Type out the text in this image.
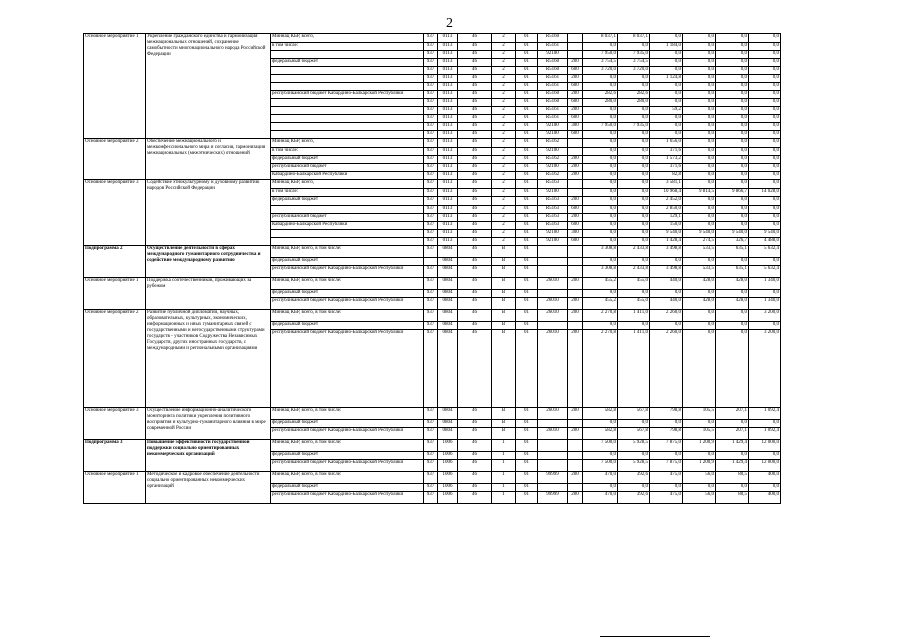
2
Основное мероприятие 1	Укрепление гражданского единства и гармонизация межнациональных отношений, сохранение самобытности многонационального народа Российской Федерации	Миннац КБР, всего,	937	0113	46	2	01	R5160		8 037,1	8 037,1	0,0	0,0	0,0	0,0
		в том числе:	937	0113	46	2	01	R5161		0,0	0,0	1 184,0	0,0	0,0	0,0
			937	0113	46	2	01	92100		7 950,0	7 935,0	0,0	0,0	0,0	0,0
		федеральный бюджет	937	0113	46	2	01	R5160	200	3 754,5	3 754,5	0,0	0,0	0,0	0,0
			937	0113	46	2	01	R5160	600	3 720,0	3 720,0	0,0	0,0	0,0	0,0
			937	0113	46	2	01	R5161	200	0,0	0,0	1 124,8	0,0	0,0	0,0
			937	0113	46	2	01	R5161	600	0,0	0,0	0,0	0,0	0,0	0,0
		республиканский бюджет Кабардино-Балкарской Республики	937	0113	46	2	01	R5160	200	282,6	282,6	0,0	0,0	0,0	0,0
			937	0113	46	2	01	R5160	600	280,0	280,0	0,0	0,0	0,0	0,0
			937	0113	46	2	01	R5161	200	0,0	0,0	59,2	0,0	0,0	0,0
			937	0113	46	2	01	R5161	600	0,0	0,0	0,0	0,0	0,0	0,0
			937	0113	46	2	01	92100	300	7 950,0	7 935,0	0,0	0,0	0,0	0,0
			937	0113	46	2	01	92100	600	0,0	0,0	0,0	0,0	0,0	0,0
Основное мероприятие 2	Обеспечение межнационального и межконфессионального мира и согласия, гармонизация межнациональных (межэтнических) отношений	Миннац КБР, всего,	937	0113	46	2	01	R5162		0,0	0,0	1 656,0	0,0	0,0	0,0
		в том числе:	937	0113	46	2	01	92100		0,0	0,0	371,6	0,0	0,0	0,0
		федеральный бюджет	937	0113	46	2	01	R5162	200	0,0	0,0	1 573,2	0,0	0,0	0,0
		республиканский бюджет	937	0113	46	2	01	92100	200	0,0	0,0	371,6	0,0	0,0	0,0
		Кабардино-Балкарской Республики	937	0113	46	2	01	R5162	200	0,0	0,0	82,8	0,0	0,0	0,0
Основное мероприятие 3	Содействие этнокультурному и духовному развитию народов Российской Федерации	Миннац КБР, всего,	937	0113	46	2	01	R5163		0,0	0,0	3 581,1	0,0	0,0	0,0
		в том числе:	937	0113	46	2	01	92100		0,0	0,0	10 968,4	9 814,5	9 866,7	14 028,0
		федеральный бюджет	937	0113	46	2	01	R5163	200	0,0	0,0	2 452,0	0,0	0,0	0,0
			937	0113	46	2	01	R5163	600	0,0	0,0	2 850,0	0,0	0,0	0,0
		республиканский бюджет	937	0113	46	2	01	R5163	200	0,0	0,0	129,1	0,0	0,0	0,0
		Кабардино-Балкарской Республики	937	0113	46	2	01	R5163	600	0,0	0,0	150,0	0,0	0,0	0,0
			937	0113	46	2	01	92100	300	0,0	0,0	9 540,0	9 540,0	9 540,0	9 540,0
			937	0113	46	2	01	92100	600	0,0	0,0	1 428,4	274,5	326,7	4 488,0
Подпрограмма 2	Осуществление деятельности в сферах международного гуманитарного сотрудничества и содействие международному развитию	Миннац КБР, всего, в том числе:	937	0804	46	В	01			3 308,8	2 433,8	3 498,8	533,5	635,1	5 632,4
		федеральный бюджет		0804	46	В	01			0,0	0,0	0,0	0,0	0,0	0,0
		республиканский бюджет Кабардино-Балкарской Республики	937	0804	46	В	01			3 308,8	2 433,8	3 498,8	533,5	635,1	5 632,4
Основное мероприятие 1	Поддержка соотечественников, проживающих за рубежом	Миннац КБР, всего, в том числе:	937	0804	46	В	01	26010	200	455,2	455,0	440,0	428,0	428,0	1 340,0
		федеральный бюджет	937	0804	46	В	01			0,0	0,0	0,0	0,0	0,0	0,0
		республиканский бюджет Кабардино-Балкарской Республики	937	0804	46	В	01	26010	200	455,2	455,0	440,0	428,0	428,0	1 340,0
Основное мероприятие 2	Развитие публичной дипломатии, научных, образовательных, культурных, экономических, информационных и иных гуманитарных связей с государственными и негосударственными структурами государств - участников Содружества Независимых Государств, других иностранных государств, с международными и региональными организациями	Миннац КБР, всего, в том числе:	937	0804	46	В	01	26010	200	2 270,8	1 411,0	2 260,0	0,0	0,0	3 200,0
		федеральный бюджет	937	0804	46	В	01			0,0	0,0	0,0	0,0	0,0	0,0
		республиканский бюджет Кабардино-Балкарской Республики	937	0804	46	В	01	26010	200	2 270,8	1 411,0	2 260,0	0,0	0,0	3 200,0
Основное мероприятие 3	Осуществление информационно-аналитического мониторинга политики укрепления позитивного восприятия и культурно-гуманитарного влияния в мире современной России	Миннац КБР, всего, в том числе:	937	0804	46	В	01	26010	200	582,8	567,8	798,8	105,5	207,1	1 092,4
		федеральный бюджет	937	0804	46	В	01			0,0	0,0	0,0	0,0	0,0	0,0
		республиканский бюджет Кабардино-Балкарской Республики	937	0804	46	В	01	26010	200	582,8	567,8	798,8	105,5	207,1	1 092,4
Подпрограмма 3	Повышение эффективности государственной поддержки социально ориентированных некоммерческих организаций	Миннац КБР, всего, в том числе:	937	1006	46	1	01			7 500,0	5 928,5	7 875,0	1 200,9	1 429,4	12 000,0
		федеральный бюджет	937	1006	46	1	01			0,0	0,0	0,0	0,0	0,0	0,0
		республиканский бюджет Кабардино-Балкарской Республики	937	1006	46	1	01			7 500,0	5 928,5	7 875,0	1 200,9	1 429,4	12 000,0
Основное мероприятие 1	Методическое и кадровое обеспечение деятельности социально ориентированных некоммерческих организаций	Миннац КБР, всего, в том числе:	937	1006	46	1	01	99999	200	470,0	392,6	475,0	56,0	80,5	400,0
		федеральный бюджет	937	1006	46	1	01			0,0	0,0	0,0	0,0	0,0	0,0
		республиканский бюджет Кабардино-Балкарской Республики	937	1006	46	1	01	99999	200	470,0	392,6	475,0	56,0	80,5	400,0
